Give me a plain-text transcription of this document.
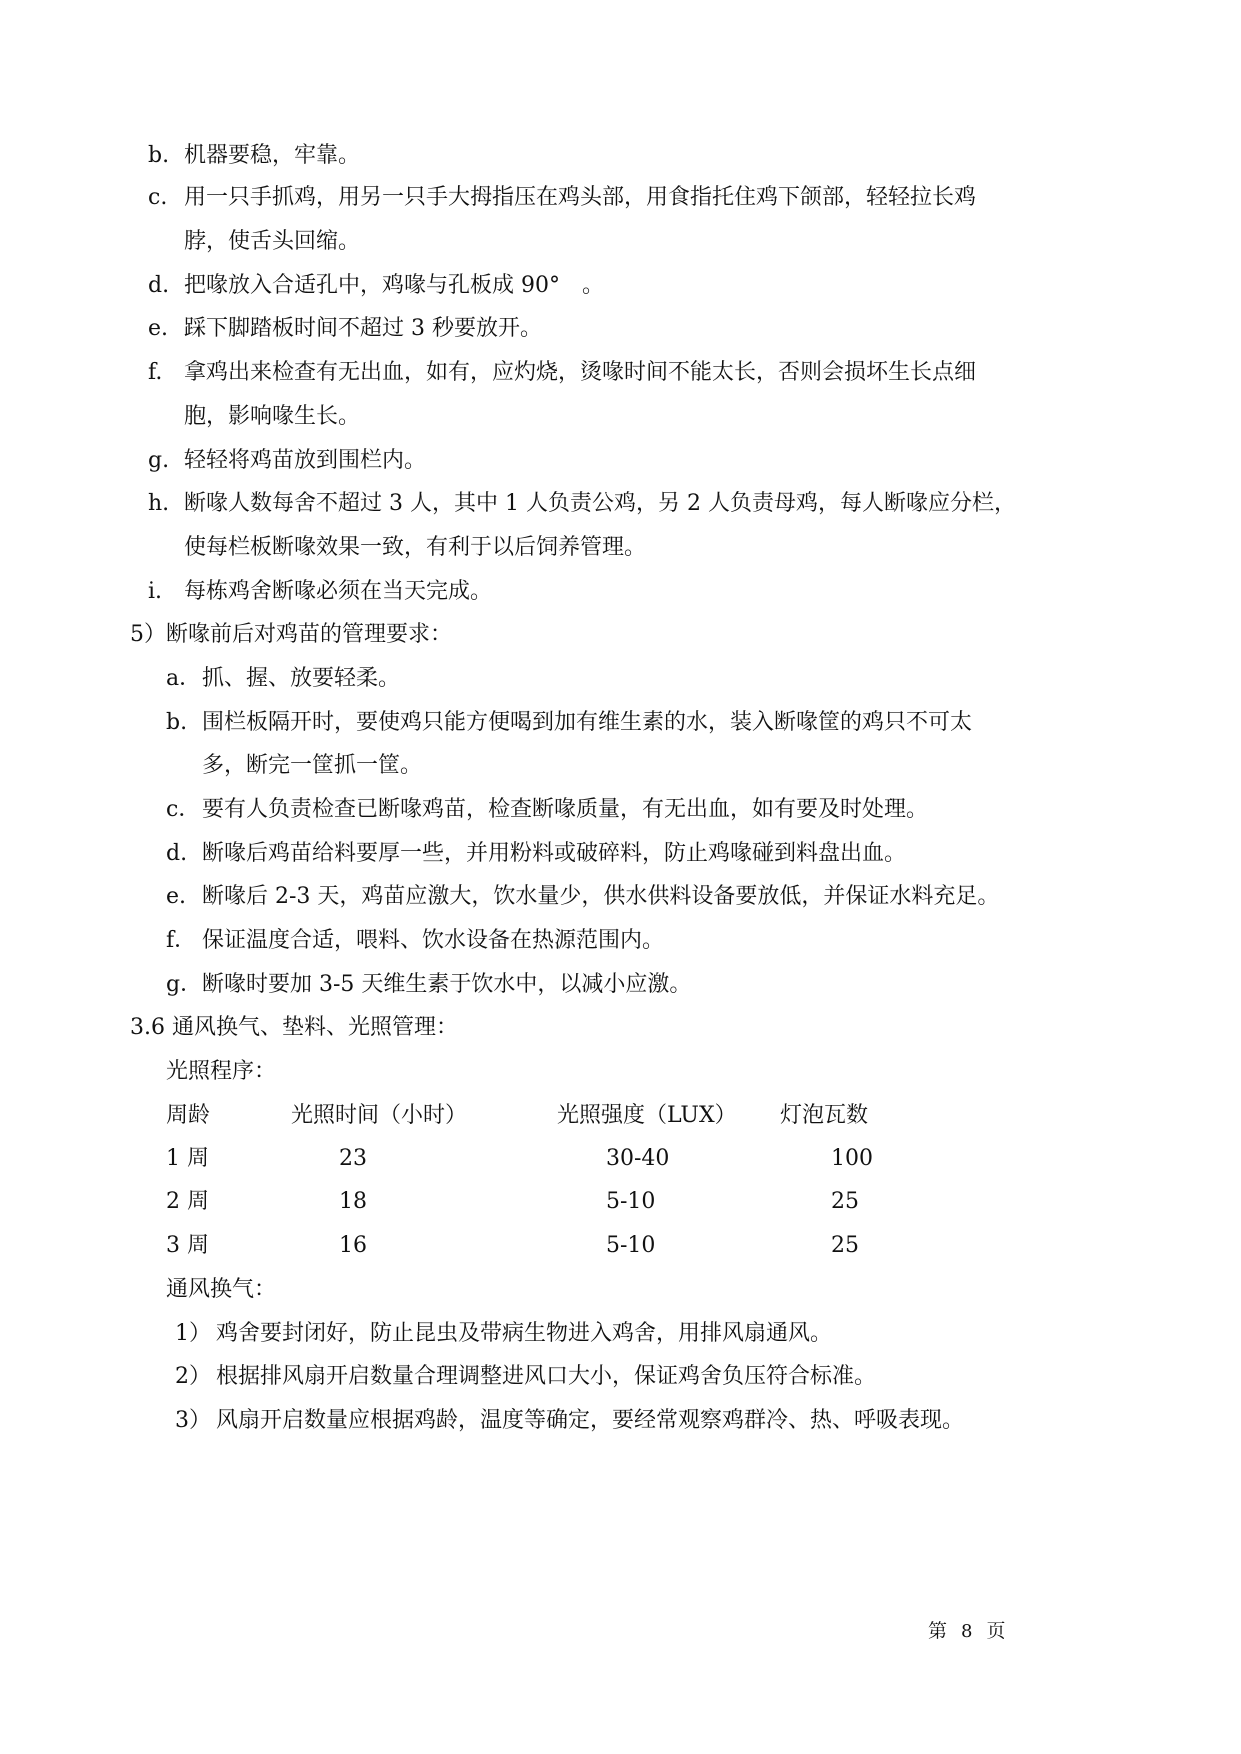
b. 机器要稳，牢靠。
c. 用一只手抓鸡，用另一只手大拇指压在鸡头部，用食指托住鸡下颌部，轻轻拉长鸡
脖，使舌头回缩。
d. 把喙放入合适孔中，鸡喙与孔板成 90°　。
e. 踩下脚踏板时间不超过 3 秒要放开。
f. 拿鸡出来检查有无出血，如有，应灼烧，烫喙时间不能太长，否则会损坏生长点细
胞，影响喙生长。
g. 轻轻将鸡苗放到围栏内。
h. 断喙人数每舍不超过 3 人，其中 1 人负责公鸡，另 2 人负责母鸡，每人断喙应分栏，
使每栏板断喙效果一致，有利于以后饲养管理。
i. 每栋鸡舍断喙必须在当天完成。
5）断喙前后对鸡苗的管理要求：
a． 抓、握、放要轻柔。
b. 围栏板隔开时，要使鸡只能方便喝到加有维生素的水，装入断喙筐的鸡只不可太
多，断完一筐抓一筐。
c． 要有人负责检查已断喙鸡苗，检查断喙质量，有无出血，如有要及时处理。
d. 断喙后鸡苗给料要厚一些，并用粉料或破碎料，防止鸡喙碰到料盘出血。
e. 断喙后 2-3 天，鸡苗应激大，饮水量少，供水供料设备要放低，并保证水料充足。
f． 保证温度合适，喂料、饮水设备在热源范围内。
g． 断喙时要加 3-5 天维生素于饮水中，以减小应激。
3.6 通风换气、垫料、光照管理：
光照程序：
周龄	光照时间（小时）	光照强度（LUX） 灯泡瓦数
1 周	23	30-40	100
2 周	18	5-10	25
3 周	16	5-10	25
通风换气：
1） 鸡舍要封闭好，防止昆虫及带病生物进入鸡舍，用排风扇通风。
2） 根据排风扇开启数量合理调整进风口大小，保证鸡舍负压符合标准。
3） 风扇开启数量应根据鸡龄，温度等确定，要经常观察鸡群冷、热、呼吸表现。
第 8 页
